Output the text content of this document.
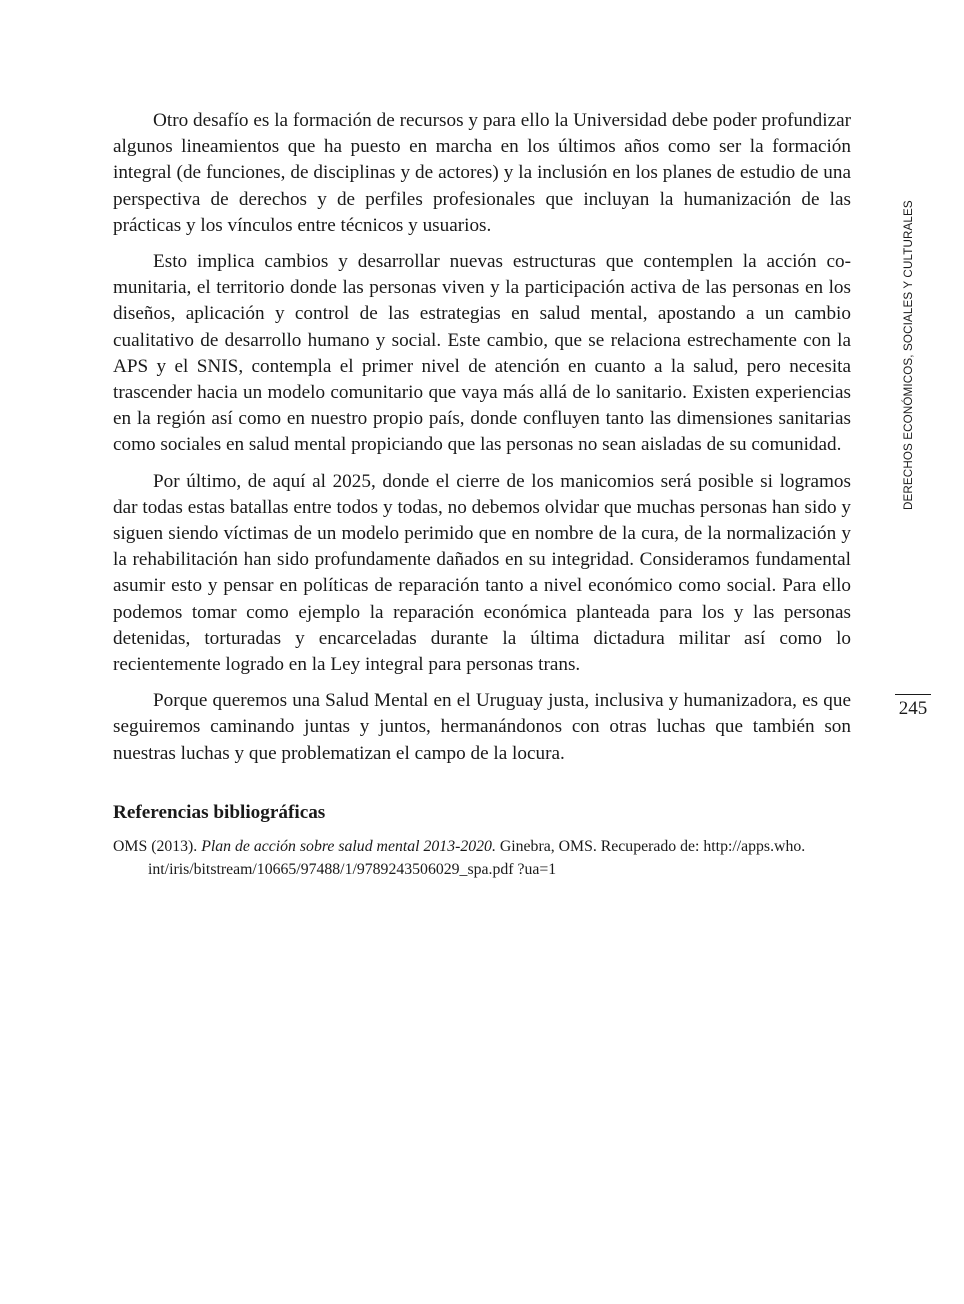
Otro desafío es la formación de recursos y para ello la Universidad debe poder profundizar algunos lineamientos que ha puesto en marcha en los últimos años como ser la formación integral (de funciones, de disciplinas y de actores) y la inclusión en los planes de estudio de una perspectiva de derechos y de perfiles profesionales que incluyan la humanización de las prácticas y los vínculos entre técnicos y usuarios.

Esto implica cambios y desarrollar nuevas estructuras que contemplen la acción comunitaria, el territorio donde las personas viven y la participación activa de las personas en los diseños, aplicación y control de las estrategias en salud mental, apostando a un cambio cualitativo de desarrollo humano y social. Este cambio, que se relaciona estrechamente con la APS y el SNIS, contempla el primer nivel de atención en cuanto a la salud, pero necesita trascender hacia un modelo comunitario que vaya más allá de lo sanitario. Existen experiencias en la región así como en nuestro propio país, donde confluyen tanto las dimensiones sanitarias como sociales en salud mental propiciando que las personas no sean aisladas de su comunidad.

Por último, de aquí al 2025, donde el cierre de los manicomios será posible si logramos dar todas estas batallas entre todos y todas, no debemos olvidar que muchas personas han sido y siguen siendo víctimas de un modelo perimido que en nombre de la cura, de la normalización y la rehabilitación han sido profundamente dañados en su integridad. Consideramos fundamental asumir esto y pensar en políticas de reparación tanto a nivel económico como social. Para ello podemos tomar como ejemplo la reparación económica planteada para los y las personas detenidas, torturadas y encarceladas durante la última dictadura militar así como lo recientemente logrado en la Ley integral para personas trans.

Porque queremos una Salud Mental en el Uruguay justa, inclusiva y humanizadora, es que seguiremos caminando juntas y juntos, hermanándonos con otras luchas que también son nuestras luchas y que problematizan el campo de la locura.

Referencias bibliográficas

OMS (2013). Plan de acción sobre salud mental 2013-2020. Ginebra, OMS. Recuperado de: http://apps.who.​int/iris/bitstream/10665/97488/1/9789243506029_spa.pdf ?ua=1

DERECHOS ECONÓMICOS, SOCIALES Y CULTURALES
245
